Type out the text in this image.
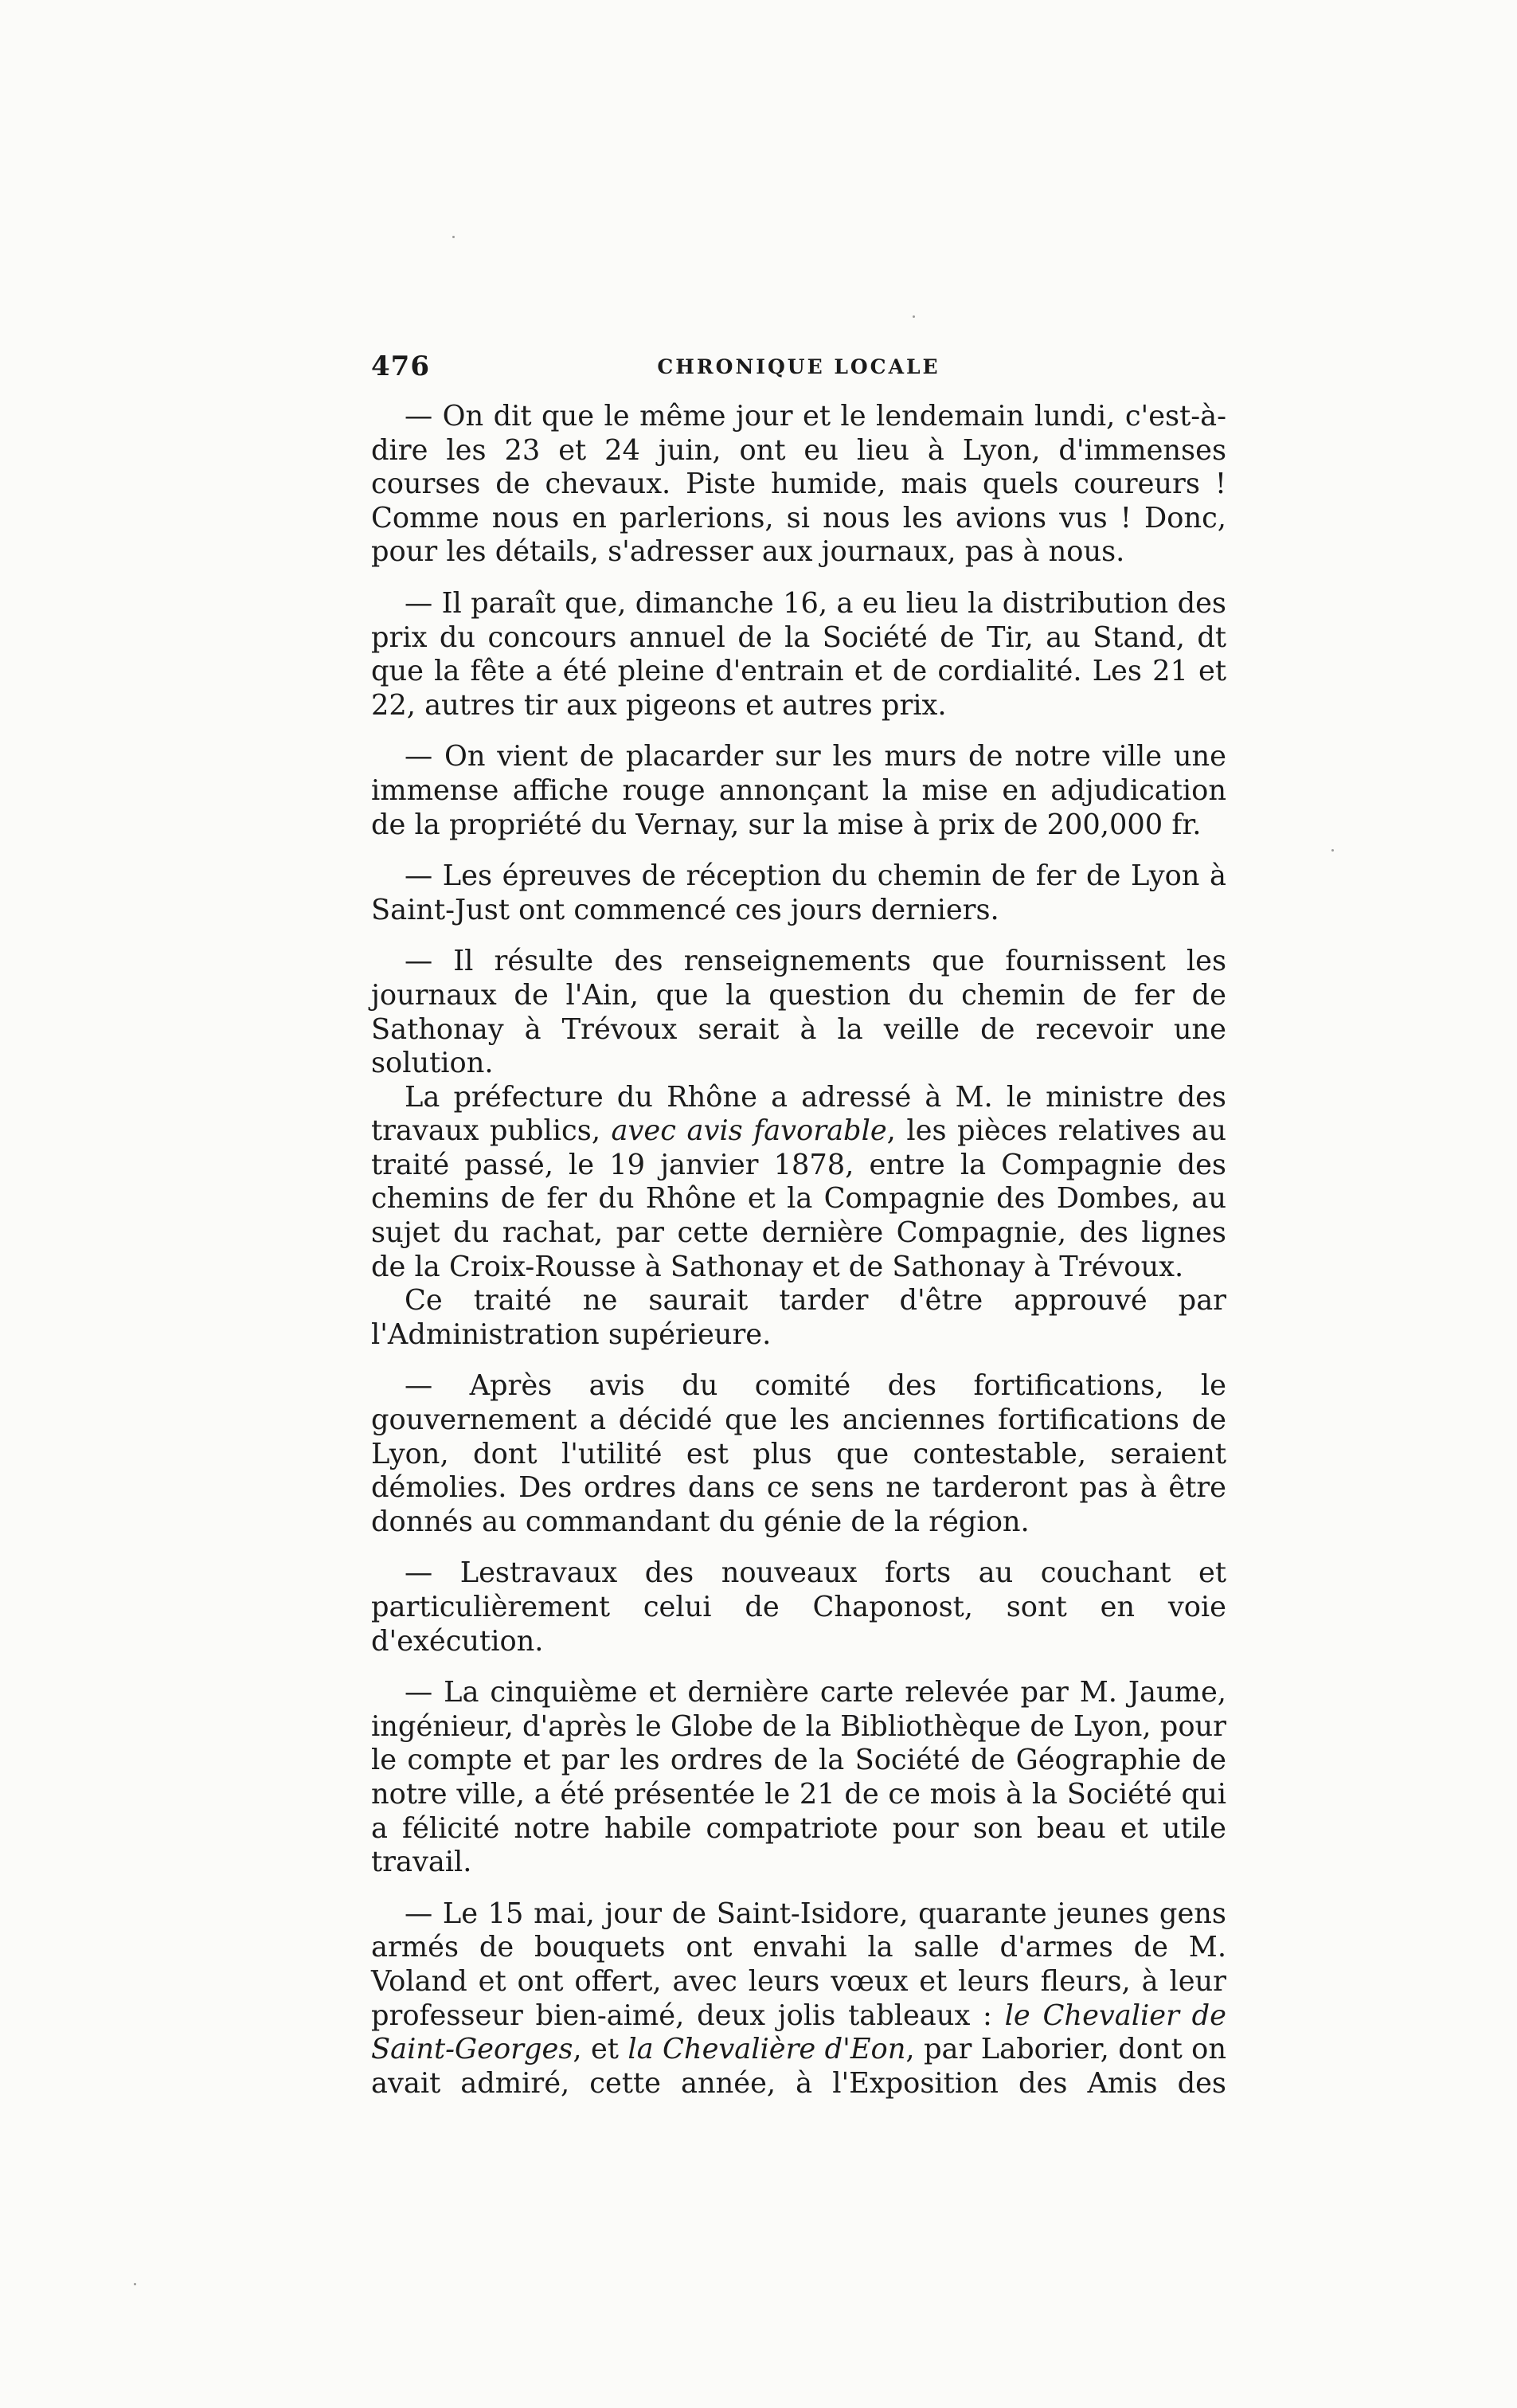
476	CHRONIQUE LOCALE

— On dit que le même jour et le lendemain lundi, c'est-à-dire les 23 et 24 juin, ont eu lieu à Lyon, d'immenses courses de chevaux. Piste humide, mais quels coureurs ! Comme nous en parlerions, si nous les avions vus ! Donc, pour les détails, s'adresser aux journaux, pas à nous.

— Il paraît que, dimanche 16, a eu lieu la distribution des prix du concours annuel de la Société de Tir, au Stand, dt que la fête a été pleine d'entrain et de cordialité. Les 21 et 22, autres tir aux pigeons et autres prix.

— On vient de placarder sur les murs de notre ville une immense affiche rouge annonçant la mise en adjudication de la propriété du Vernay, sur la mise à prix de 200,000 fr.

— Les épreuves de réception du chemin de fer de Lyon à Saint-Just ont commencé ces jours derniers.

— Il résulte des renseignements que fournissent les journaux de l'Ain, que la question du chemin de fer de Sathonay à Trévoux serait à la veille de recevoir une solution.

La préfecture du Rhône a adressé à M. le ministre des travaux publics, avec avis favorable, les pièces relatives au traité passé, le 19 janvier 1878, entre la Compagnie des chemins de fer du Rhône et la Compagnie des Dombes, au sujet du rachat, par cette dernière Compagnie, des lignes de la Croix-Rousse à Sathonay et de Sathonay à Trévoux.

Ce traité ne saurait tarder d'être approuvé par l'Administration supérieure.

— Après avis du comité des fortifications, le gouvernement a décidé que les anciennes fortifications de Lyon, dont l'utilité est plus que contestable, seraient démolies. Des ordres dans ce sens ne tarderont pas à être donnés au commandant du génie de la région.

— Lestravaux des nouveaux forts au couchant et particulièrement celui de Chaponost, sont en voie d'exécution.

— La cinquième et dernière carte relevée par M. Jaume, ingénieur, d'après le Globe de la Bibliothèque de Lyon, pour le compte et par les ordres de la Société de Géographie de notre ville, a été présentée le 21 de ce mois à la Société qui a félicité notre habile compatriote pour son beau et utile travail.

— Le 15 mai, jour de Saint-Isidore, quarante jeunes gens armés de bouquets ont envahi la salle d'armes de M. Voland et ont offert, avec leurs vœux et leurs fleurs, à leur professeur bien-aimé, deux jolis tableaux : le Chevalier de Saint-Georges, et la Chevalière d'Eon, par Laborier, dont on avait admiré, cette année, à l'Exposition des Amis des
